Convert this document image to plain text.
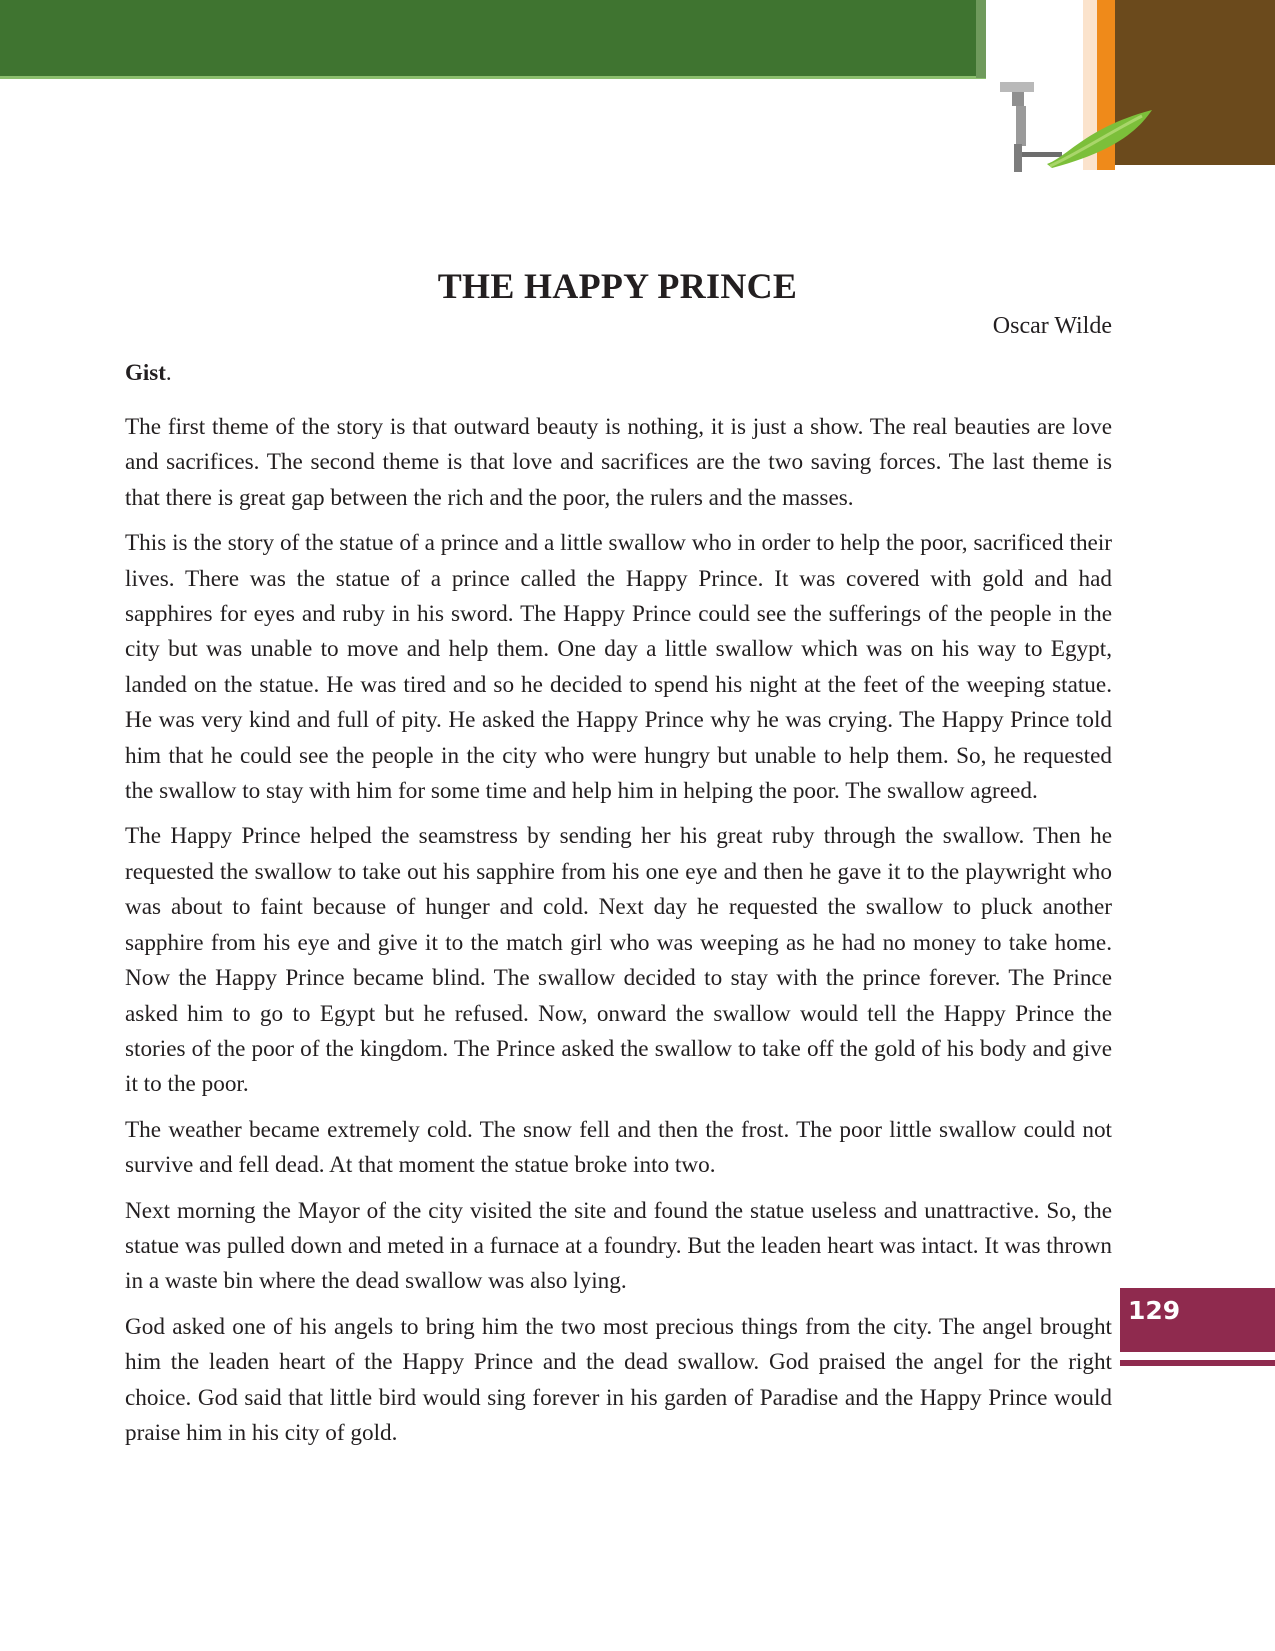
THE HAPPY PRINCE
Oscar Wilde
Gist.

The first theme of the story is that outward beauty is nothing, it is just a show. The real beauties are love and sacrifices. The second theme is that love and sacrifices are the two saving forces. The last theme is that there is great gap between the rich and the poor, the rulers and the masses.

This is the story of the statue of a prince and a little swallow who in order to help the poor, sacrificed their lives. There was the statue of a prince called the Happy Prince. It was covered with gold and had sapphires for eyes and ruby in his sword. The Happy Prince could see the sufferings of the people in the city but was unable to move and help them. One day a little swallow which was on his way to Egypt, landed on the statue. He was tired and so he decided to spend his night at the feet of the weeping statue. He was very kind and full of pity. He asked the Happy Prince why he was crying. The Happy Prince told him that he could see the people in the city who were hungry but unable to help them. So, he requested the swallow to stay with him for some time and help him in helping the poor. The swallow agreed.

The Happy Prince helped the seamstress by sending her his great ruby through the swallow. Then he requested the swallow to take out his sapphire from his one eye and then he gave it to the playwright who was about to faint because of hunger and cold. Next day he requested the swallow to pluck another sapphire from his eye and give it to the match girl who was weeping as he had no money to take home. Now the Happy Prince became blind. The swallow decided to stay with the prince forever. The Prince asked him to go to Egypt but he refused. Now, onward the swallow would tell the Happy Prince the stories of the poor of the kingdom. The Prince asked the swallow to take off the gold of his body and give it to the poor.

The weather became extremely cold. The snow fell and then the frost. The poor little swallow could not survive and fell dead. At that moment the statue broke into two.

Next morning the Mayor of the city visited the site and found the statue useless and unattractive. So, the statue was pulled down and meted in a furnace at a foundry. But the leaden heart was intact. It was thrown in a waste bin where the dead swallow was also lying.

God asked one of his angels to bring him the two most precious things from the city. The angel brought him the leaden heart of the Happy Prince and the dead swallow. God praised the angel for the right choice. God said that little bird would sing forever in his garden of Paradise and the Happy Prince would praise him in his city of gold.

129
